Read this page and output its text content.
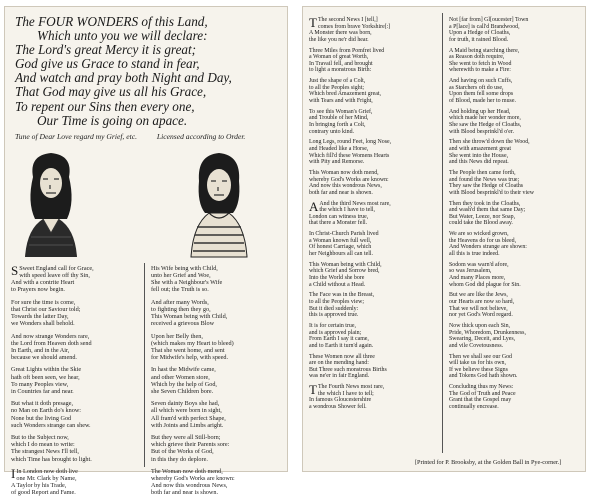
The FOUR WONDERS of this Land,
Which unto you we will declare:
The Lord's great Mercy it is great;
God give us Grace to stand in fear,
And watch and pray both Night and Day,
That God may give us all his Grace,
To repent our Sins then every one,
Our Time is going on apace.
Tune of Dear Love regard my Grief, etc.	Licensed according to Order.
S Sweet England call for Grace,
with speed leave off thy Sin,
And with a contrite Heart
to Prayers now begin.
For sure the time is come,
that Christ our Saviour told;
Towards the latter Day,
we Wonders shall behold.
And now strange Wonders rare,
the Lord from Heaven doth send
In Earth, and in the Air,
because we should amend.
Great Lights within the Skie
hath oft been seen, we hear,
To many Peoples view,
in Countries far and near.
But what it doth presage,
no Man on Earth do's know:
None but the living God
such Wonders strange can shew.
But to the Subject now,
which I do mean to write:
The strangest News I'll tell,
which Time has brought to light.
I In London now doth live
one Mr. Clark by Name,
A Taylor by his Trade,
of good Report and Fame.
His Wife being with Child,
unto her Grief and Woe,
She with a Neighbour's Wife
fell out; the Truth is so.
And after many Words,
to fighting then they go,
This Woman being with Child,
received a grievous Blow
Upon her Belly then,
(which makes my Heart to bleed)
That she went home, and sent
for Midwife's help, with speed.
In hast the Midwife came,
and other Women store,
Which by the help of God,
she Seven Children bore.
Seven dainty Boys she had,
all which were born in sight,
All fram'd with perfect Shape,
with Joints and Limbs aright.
But they were all Still-born;
which grieve their Parents sore:
But of the Works of God,
in this they do deplore.
The Woman now doth mend,
whereby God's Works are known:
And now this wondrous News,
both far and near is shown.
T The second News I [tell,]
comes from brave Yorkshire[:]
A Monster there was born,
the like you ne'r did hear.
Three Miles from Pomfret lived
a Woman of great Worth,
In Travail fell, and brought
to light a monstrous Birth:
Just the shape of a Colt,
to all the Peoples sight;
Which bred Amazement great,
with Tears and with Fright,
To see this Woman's Grief,
and Trouble of her Mind,
In bringing forth a Colt,
contrary unto kind.
Long Legs, round Feet, long Nose,
and Headed like a Horse,
Which fill'd these Womens Hearts
with Pity and Remorse.
This Woman now doth mend,
whereby God's Works are known:
And now this wondrous News,
both far and near is shown.
A And the third News most rare,
the which I have to tell,
London can witness true,
that there a Monster fell.
In Christ-Church Parish lived
a Woman known full well,
Of honest Carriage, which
her Neighbours all can tell.
This Woman being with Child,
which Grief and Sorrow bred,
Into the World she bore
a Child without a Head.
The Face was in the Breast,
to all the Peoples view;
But it died suddenly:
this is approved true.
It is for certain true,
and is approved plain;
From Earth I say it came,
and to Earth it turn'd again.
These Women now all three
are on the mending hand:
But Three such monstrous Births
was ne'er in fair England.
T The Fourth News most rare,
the which I have to tell;
In famous Gloucestershire
a wondrous Shower fell.
Not [far from] Gl[oucester] Town
a P[lace] is call'd Brandwood,
Upon a Hedge of Cloaths,
for truth, it rained Blood.
A Maid being starching there,
as Reason doth require,
She went to fetch in Wood
wherewith to make a Fire:
And having on such Cuffs,
as Starchers oft do use,
Upon them fell some drops
of Blood, made her to muse.
And holding up her Head,
which made her wonder more,
She saw the Hedge of Cloaths,
with Blood besprinkl'd o'er.
Then she throw'd down the Wood,
and with amazement great
She went into the House,
and this News did repeat.
The People then came forth,
and found the News was true;
They saw the Hedge of Cloaths
with Blood besprinkl'd to their view
Then they took in the Cloaths,
and wash'd them that same Day;
But Water, Leeze, nor Soap,
could take the Blood away.
We are so wicked grown,
the Heavens do for us bleed,
And Wonders strange are shown:
all this is true indeed.
Sodom was warn'd afore,
so was Jerusalem,
And many Places more,
whom God did plague for Sin.
But we are like the Jews,
our Hearts are now so hard,
That we will not believe,
nor yet God's Word regard.
Now thick upon each Sin,
Pride, Whoredom, Drunkenness,
Swearing, Deceit, and Lyes,
and vile Covetousness.
Then we shall see our God
will take us for his own,
If we believe these Signs
and Tokens God hath shown.
Concluding thus my News:
The God of Truth and Peace
Grant that the Gospel may
continually encrease.
[Printed for P. Brooksby, at the Golden Ball in Pye-corner.]
